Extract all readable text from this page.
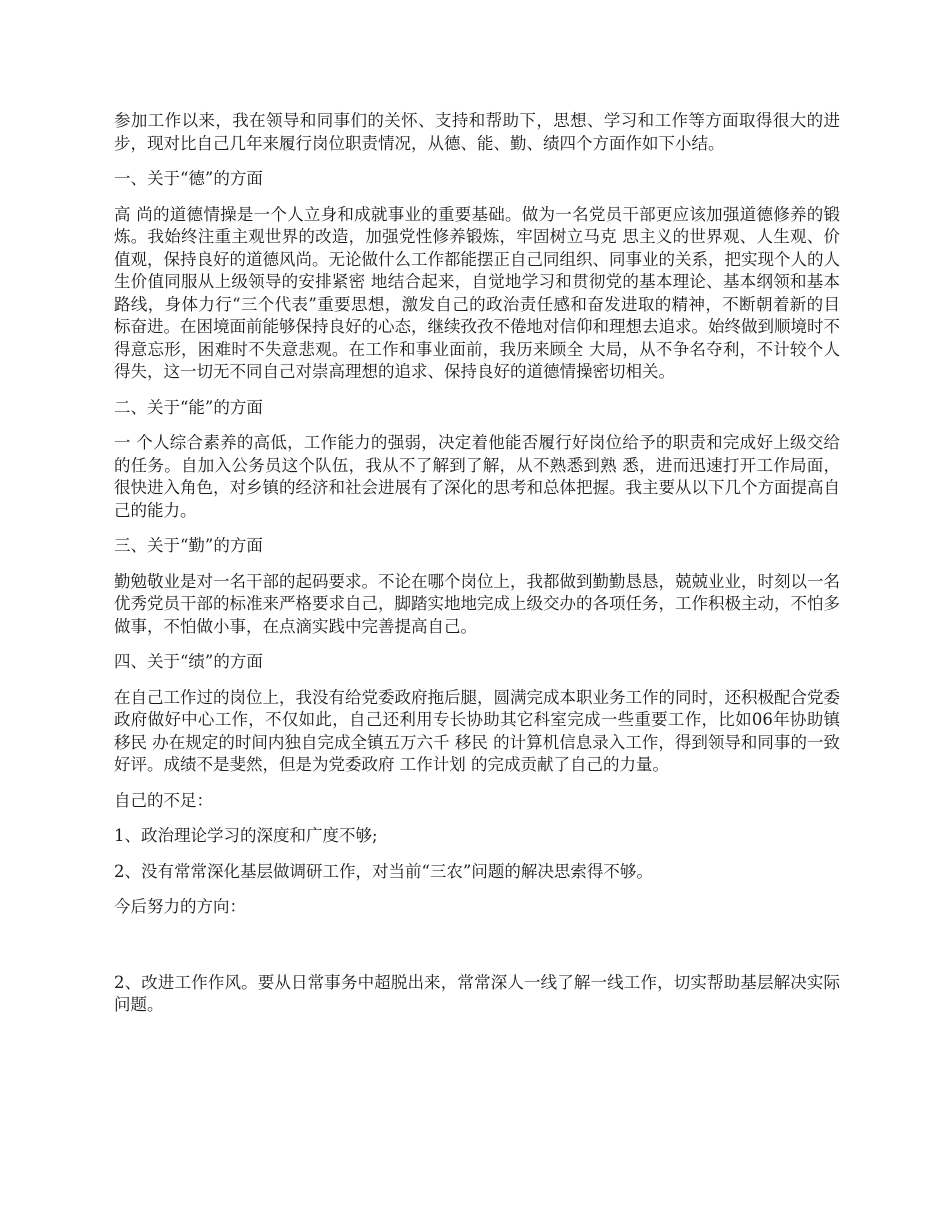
参加工作以来，我在领导和同事们的关怀、支持和帮助下，思想、学习和工作等方面取得很大的进步，现对比自己几年来履行岗位职责情况，从德、能、勤、绩四个方面作如下小结。

一、关于“德”的方面

高 尚的道德情操是一个人立身和成就事业的重要基础。做为一名党员干部更应该加强道德修养的锻炼。我始终注重主观世界的改造，加强党性修养锻炼，牢固树立马克 思主义的世界观、人生观、价值观，保持良好的道德风尚。无论做什么工作都能摆正自己同组织、同事业的关系，把实现个人的人生价值同服从上级领导的安排紧密 地结合起来，自觉地学习和贯彻党的基本理论、基本纲领和基本路线，身体力行“三个代表”重要思想，激发自己的政治责任感和奋发进取的精神，不断朝着新的目 标奋进。在困境面前能够保持良好的心态，继续孜孜不倦地对信仰和理想去追求。始终做到顺境时不得意忘形，困难时不失意悲观。在工作和事业面前，我历来顾全 大局，从不争名夺利，不计较个人得失，这一切无不同自己对崇高理想的追求、保持良好的道德情操密切相关。

二、关于“能”的方面

一 个人综合素养的高低，工作能力的强弱，决定着他能否履行好岗位给予的职责和完成好上级交给的任务。自加入公务员这个队伍，我从不了解到了解，从不熟悉到熟 悉，进而迅速打开工作局面，很快进入角色，对乡镇的经济和社会进展有了深化的思考和总体把握。我主要从以下几个方面提高自己的能力。

三、关于“勤”的方面

勤勉敬业是对一名干部的起码要求。不论在哪个岗位上，我都做到勤勤恳恳，兢兢业业，时刻以一名优秀党员干部的标准来严格要求自己，脚踏实地地完成上级交办的各项任务，工作积极主动，不怕多做事，不怕做小事，在点滴实践中完善提高自己。

四、关于“绩”的方面

在自己工作过的岗位上，我没有给党委政府拖后腿，圆满完成本职业务工作的同时，还积极配合党委政府做好中心工作，不仅如此，自己还利用专长协助其它科室完成一些重要工作，比如06年协助镇 移民 办在规定的时间内独自完成全镇五万六千 移民 的计算机信息录入工作，得到领导和同事的一致好评。成绩不是斐然，但是为党委政府 工作计划 的完成贡献了自己的力量。

自己的不足：

1、政治理论学习的深度和广度不够;

2、没有常常深化基层做调研工作，对当前“三农”问题的解决思索得不够。

今后努力的方向：

2、改进工作作风。要从日常事务中超脱出来，常常深人一线了解一线工作，切实帮助基层解决实际问题。
